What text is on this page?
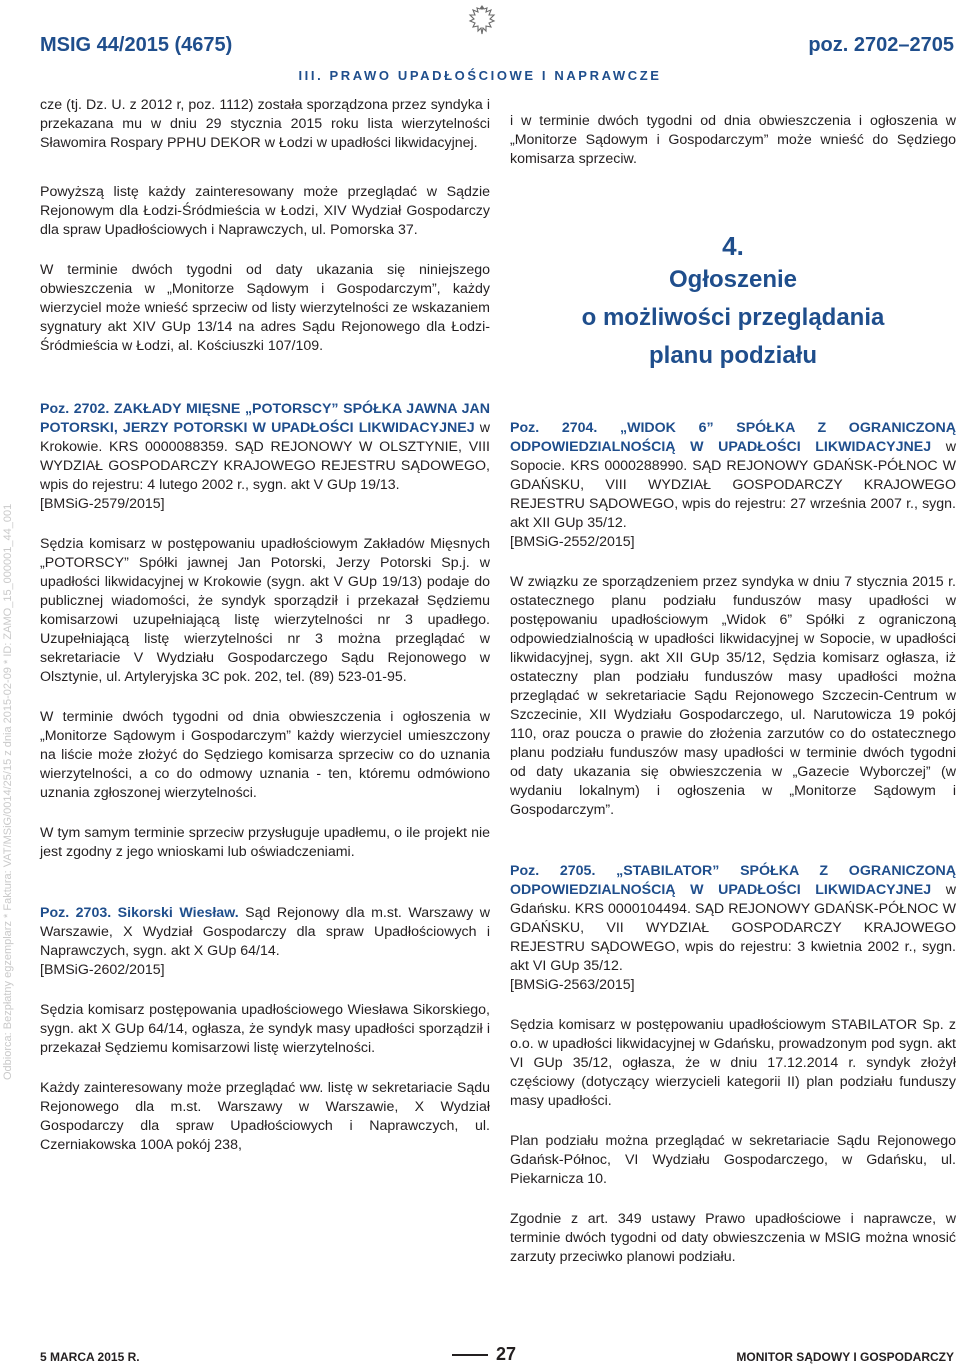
MSIG 44/2015 (4675)	poz. 2702–2705
III. PRAWO UPADŁOŚCIOWE I NAPRAWCZE
Odbiorca: Bezpłatny egzemplarz * Faktura: VAT/MSiG/0014/25/15 z dnia 2015-02-09 * ID: ZAMO_15_000001_44_001

cze (tj. Dz. U. z 2012 r, poz. 1112) została sporządzona przez syndyka i przekazana mu w dniu 29 stycznia 2015 roku lista wierzytelności Sławomira Rospary PPHU DEKOR w Łodzi w upadłości likwidacyjnej.

Powyższą listę każdy zainteresowany może przeglądać w Sądzie Rejonowym dla Łodzi-Śródmieścia w Łodzi, XIV Wydział Gospodarczy dla spraw Upadłościowych i Naprawczych, ul. Pomorska 37.

W terminie dwóch tygodni od daty ukazania się niniejszego obwieszczenia w „Monitorze Sądowym i Gospodarczym”, każdy wierzyciel może wnieść sprzeciw od listy wierzytelności ze wskazaniem sygnatury akt XIV GUp 13/14 na adres Sądu Rejonowego dla Łodzi-Śródmieścia w Łodzi, al. Kościuszki 107/109.

Poz. 2702. ZAKŁADY MIĘSNE „POTORSCY” SPÓŁKA JAWNA JAN POTORSKI, JERZY POTORSKI W UPADŁOŚCI LIKWIDACYJNEJ w Krokowie. KRS 0000088359. SĄD REJONOWY W OLSZTYNIE, VIII WYDZIAŁ GOSPODARCZY KRAJOWEGO REJESTRU SĄDOWEGO, wpis do rejestru: 4 lutego 2002 r., sygn. akt V GUp 19/13.

[BMSiG-2579/2015]

Sędzia komisarz w postępowaniu upadłościowym Zakładów Mięsnych „POTORSCY” Spółki jawnej Jan Potorski, Jerzy Potorski Sp.j. w upadłości likwidacyjnej w Krokowie (sygn. akt V GUp 19/13) podaje do publicznej wiadomości, że syndyk sporządził i przekazał Sędziemu komisarzowi uzupełniającą listę wierzytelności nr 3 upadłego. Uzupełniającą listę wierzytelności nr 3 można przeglądać w sekretariacie V Wydziału Gospodarczego Sądu Rejonowego w Olsztynie, ul. Artyleryjska 3C pok. 202, tel. (89) 523-01-95.

W terminie dwóch tygodni od dnia obwieszczenia i ogłoszenia w „Monitorze Sądowym i Gospodarczym” każdy wierzyciel umieszczony na liście może złożyć do Sędziego komisarza sprzeciw co do uznania wierzytelności, a co do odmowy uznania - ten, któremu odmówiono uznania zgłoszonej wierzytelności.

W tym samym terminie sprzeciw przysługuje upadłemu, o ile projekt nie jest zgodny z jego wnioskami lub oświadczeniami.

Poz. 2703. Sikorski Wiesław. Sąd Rejonowy dla m.st. Warszawy w Warszawie, X Wydział Gospodarczy dla spraw Upadłościowych i Naprawczych, sygn. akt X GUp 64/14.

[BMSiG-2602/2015]

Sędzia komisarz postępowania upadłościowego Wiesława Sikorskiego, sygn. akt X GUp 64/14, ogłasza, że syndyk masy upadłości sporządził i przekazał Sędziemu komisarzowi listę wierzytelności.

Każdy zainteresowany może przeglądać ww. listę w sekretariacie Sądu Rejonowego dla m.st. Warszawy w Warszawie, X Wydział Gospodarczy dla spraw Upadłościowych i Naprawczych, ul. Czerniakowska 100A pokój 238,

i w terminie dwóch tygodni od dnia obwieszczenia i ogłoszenia w „Monitorze Sądowym i Gospodarczym” może wnieść do Sędziego komisarza sprzeciw.

4.
Ogłoszenie
o możliwości przeglądania
planu podziału

Poz. 2704. „WIDOK 6” SPÓŁKA Z OGRANICZONĄ ODPOWIEDZIALNOŚCIĄ W UPADŁOŚCI LIKWIDACYJNEJ w Sopocie. KRS 0000288990. SĄD REJONOWY GDAŃSK-PÓŁNOC W GDAŃSKU, VIII WYDZIAŁ GOSPODARCZY KRAJOWEGO REJESTRU SĄDOWEGO, wpis do rejestru: 27 września 2007 r., sygn. akt XII GUp 35/12.

[BMSiG-2552/2015]

W związku ze sporządzeniem przez syndyka w dniu 7 stycznia 2015 r. ostatecznego planu podziału funduszów masy upadłości w postępowaniu upadłościowym „Widok 6” Spółki z ograniczoną odpowiedzialnością w upadłości likwidacyjnej w Sopocie, w upadłości likwidacyjnej, sygn. akt XII GUp 35/12, Sędzia komisarz ogłasza, iż ostateczny plan podziału funduszów masy upadłości można przeglądać w sekretariacie Sądu Rejonowego Szczecin-Centrum w Szczecinie, XII Wydziału Gospodarczego, ul. Narutowicza 19 pokój 110, oraz poucza o prawie do złożenia zarzutów co do ostatecznego planu podziału funduszów masy upadłości w terminie dwóch tygodni od daty ukazania się obwieszczenia w „Gazecie Wyborczej” (w wydaniu lokalnym) i ogłoszenia w „Monitorze Sądowym i Gospodarczym”.

Poz. 2705. „STABILATOR” SPÓŁKA Z OGRANICZONĄ ODPOWIEDZIALNOŚCIĄ W UPADŁOŚCI LIKWIDACYJNEJ w Gdańsku. KRS 0000104494. SĄD REJONOWY GDAŃSK-PÓŁNOC W GDAŃSKU, VII WYDZIAŁ GOSPODARCZY KRAJOWEGO REJESTRU SĄDOWEGO, wpis do rejestru: 3 kwietnia 2002 r., sygn. akt VI GUp 35/12.

[BMSiG-2563/2015]

Sędzia komisarz w postępowaniu upadłościowym STABILATOR Sp. z o.o. w upadłości likwidacyjnej w Gdańsku, prowadzonym pod sygn. akt VI GUp 35/12, ogłasza, że w dniu 17.12.2014 r. syndyk złożył częściowy (dotyczący wierzycieli kategorii II) plan podziału funduszy masy upadłości.

Plan podziału można przeglądać w sekretariacie Sądu Rejonowego Gdańsk-Północ, VI Wydziału Gospodarczego, w Gdańsku, ul. Piekarnicza 10.

Zgodnie z art. 349 ustawy Prawo upadłościowe i naprawcze, w terminie dwóch tygodni od daty obwieszczenia w MSIG można wnosić zarzuty przeciwko planowi podziału.

5 MARCA 2015 R.	27	MONITOR SĄDOWY I GOSPODARCZY
